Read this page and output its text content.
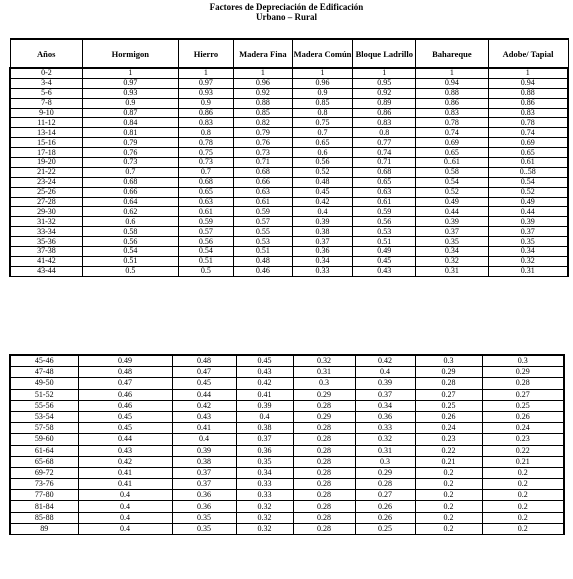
Factores de Depreciación de Edificación
Urbano – Rural
Años	Hormigon	Hierro	Madera Fina	Madera Común	Bloque Ladrillo	Bahareque	Adobe/ Tapial
0-2	1	1	1	1	1	1	1
3-4	0.97	0.97	0.96	0.96	0.95	0.94	0.94
5-6	0.93	0.93	0.92	0.9	0.92	0.88	0.88
7-8	0.9	0.9	0.88	0.85	0.89	0.86	0.86
9-10	0.87	0.86	0.85	0.8	0.86	0.83	0.83
11-12	0.84	0.83	0.82	0.75	0.83	0.78	0.78
13-14	0.81	0.8	0.79	0.7	0.8	0.74	0.74
15-16	0.79	0.78	0.76	0.65	0.77	0.69	0.69
17-18	0.76	0.75	0.73	0.6	0.74	0.65	0.65
19-20	0.73	0.73	0.71	0.56	0.71	0..61	0.61
21-22	0.7	0.7	0.68	0.52	0.68	0.58	0..58
23-24	0.68	0.68	0.66	0.48	0.65	0.54	0.54
25-26	0.66	0.65	0.63	0.45	0.63	0.52	0.52
27-28	0.64	0.63	0.61	0.42	0.61	0.49	0.49
29-30	0.62	0.61	0.59	0.4	0.59	0.44	0.44
31-32	0.6	0.59	0.57	0.39	0.56	0.39	0.39
33-34	0.58	0.57	0.55	0.38	0.53	0.37	0.37
35-36	0.56	0.56	0.53	0.37	0.51	0.35	0.35
37-38	0.54	0.54	0.51	0.36	0.49	0.34	0.34
41-42	0.51	0.51	0.48	0.34	0.45	0.32	0.32
43-44	0.5	0.5	0.46	0.33	0.43	0.31	0.31
45-46	0.49	0.48	0.45	0.32	0.42	0.3	0.3
47-48	0.48	0.47	0.43	0.31	0.4	0.29	0.29
49-50	0.47	0.45	0.42	0.3	0.39	0.28	0.28
51-52	0.46	0.44	0.41	0.29	0.37	0.27	0.27
55-56	0.46	0.42	0.39	0.28	0.34	0.25	0.25
53-54	0.45	0.43	0.4	0.29	0.36	0.26	0.26
57-58	0.45	0.41	0.38	0.28	0.33	0.24	0.24
59-60	0.44	0.4	0.37	0.28	0.32	0.23	0.23
61-64	0.43	0.39	0.36	0.28	0.31	0.22	0.22
65-68	0.42	0.38	0.35	0.28	0.3	0.21	0.21
69-72	0.41	0.37	0.34	0.28	0.29	0.2	0.2
73-76	0.41	0.37	0.33	0.28	0.28	0.2	0.2
77-80	0.4	0.36	0.33	0.28	0.27	0.2	0.2
81-84	0.4	0.36	0.32	0.28	0.26	0.2	0.2
85-88	0.4	0.35	0.32	0.28	0.26	0.2	0.2
89	0.4	0.35	0.32	0.28	0.25	0.2	0.2
